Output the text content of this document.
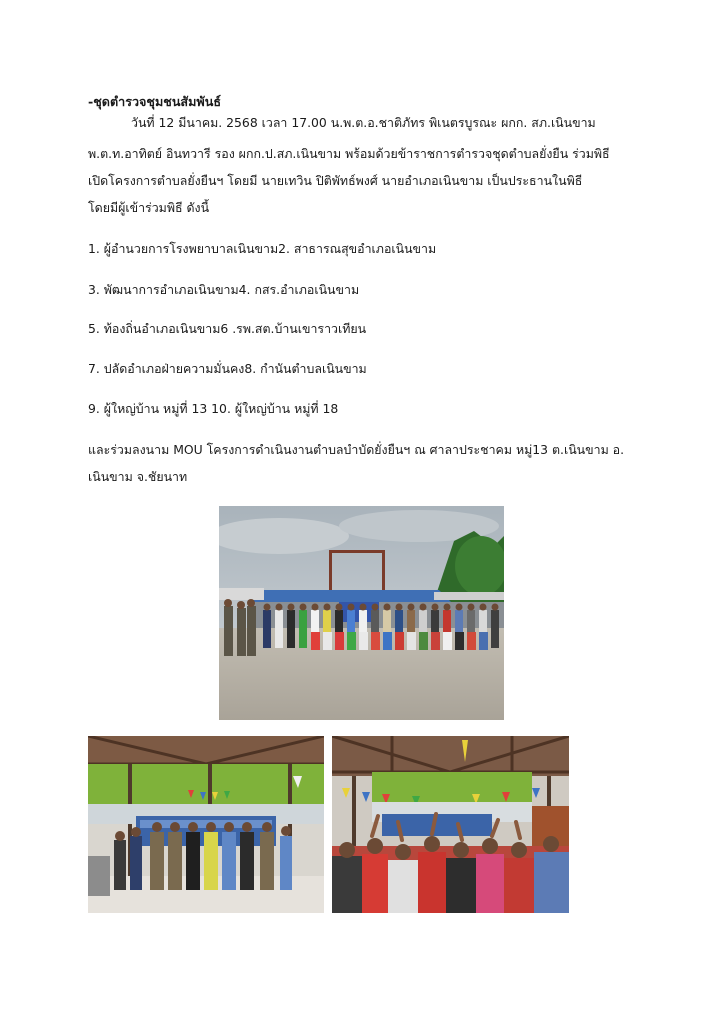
-ชุดตำรวจชุมชนสัมพันธ์
วันที่ 12 มีนาคม. 2568 เวลา 17.00 น.พ.ต.อ.ชาติภัทร พิเนตรบูรณะ ผกก. สภ.เนินขาม
พ.ต.ท.อาทิตย์ อินทวารี รอง ผกก.ป.สภ.เนินขาม พร้อมด้วยข้าราชการตำรวจชุดตำบลยั่งยืน ร่วมพิธี
เปิดโครงการตำบลยั่งยืนฯ โดยมี นายเทวิน ปิติพัทธ์พงศ์ นายอำเภอเนินขาม เป็นประธานในพิธี
โดยมีผู้เข้าร่วมพิธี ดังนี้
1. ผู้อำนวยการโรงพยาบาลเนินขาม2. สาธารณสุขอำเภอเนินขาม
3. พัฒนาการอำเภอเนินขาม4. กสร.อำเภอเนินขาม
5. ท้องถิ่นอำเภอเนินขาม6 .รพ.สต.บ้านเขาราวเทียน
7. ปลัดอำเภอฝ่ายความมั่นคง8. กำนันตำบลเนินขาม
9. ผู้ใหญ่บ้าน หมู่ที่ 13 10. ผู้ใหญ่บ้าน หมู่ที่ 18
และร่วมลงนาม MOU โครงการดำเนินงานตำบลบำบัดยั่งยืนฯ ณ ศาลาประชาคม หมู่13 ต.เนินขาม อ.
เนินขาม จ.ชัยนาท
